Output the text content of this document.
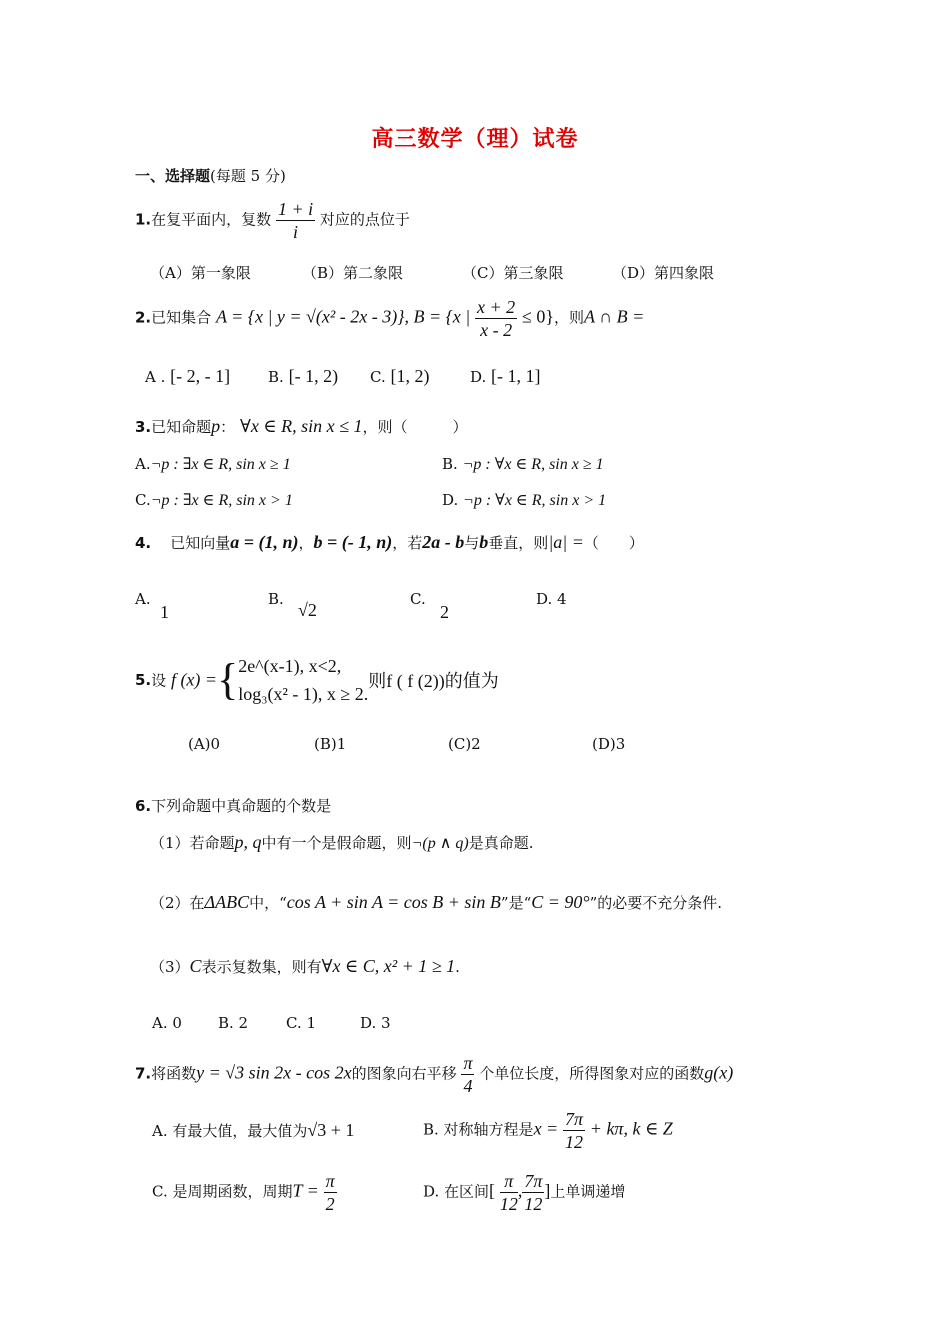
高三数学（理）试卷
一、选择题(每题 5 分)
1.在复平面内，复数 $\frac{1 + i}{i}$ 对应的点位于
（A）第一象限	（B）第二象限	（C）第三象限	（D）第四象限
2.已知集合 A = {x | y = √(x² - 2x - 3)}, B = {x | $\frac{x + 2}{x - 2} \le 0$}，则A ∩ B =
A . [- 2, - 1]	B. [- 1, 2) C. [1, 2)	D. [- 1, 1]
3.已知命题p： ∀x ∈ R, sin x ≤ 1，则（　　　）
A.¬p : ∃x ∈ R, sin x ≥ 1	B. ¬p : ∀x ∈ R, sin x ≥ 1
C.¬p : ∃x ∈ R, sin x > 1	D. ¬p : ∀x ∈ R, sin x > 1
4. 已知向量a = (1, n)，b = (- 1, n)，若2a - b与b垂直，则|a| =（　　）
A.
1
B.
√2
C.
2
D. 4
5.设 f (x) ={ 2e^(x-1), x<2,
log₃(x² - 1), x ≥ 2.
则f ( f (2))的值为
(A)0	(B)1	(C)2	(D)3
6.下列命题中真命题的个数是
（1）若命题p, q中有一个是假命题，则¬(p ∧ q)是真命题.
（2）在ΔABC中，“cos A + sin A = cos B + sin B”是“C = 90°”的必要不充分条件.
（3）C表示复数集，则有∀x ∈ C, x² + 1 ≥ 1.
A. 0 B. 2	C. 1	D. 3
7.将函数y = √3 sin 2x - cos 2x的图象向右平移 $\frac{\pi}{4}$ 个单位长度，所得图象对应的函数g(x)
A. 有最大值，最大值为√3 + 1	B. 对称轴方程是$x = \frac{7\pi}{12} + k\pi$, k ∈ Z
C. 是周期函数，周期$T = \frac{\pi}{2}$	D. 在区间[ $\frac{\pi}{12}$ , $\frac{7\pi}{12}$ ]上单调递增
